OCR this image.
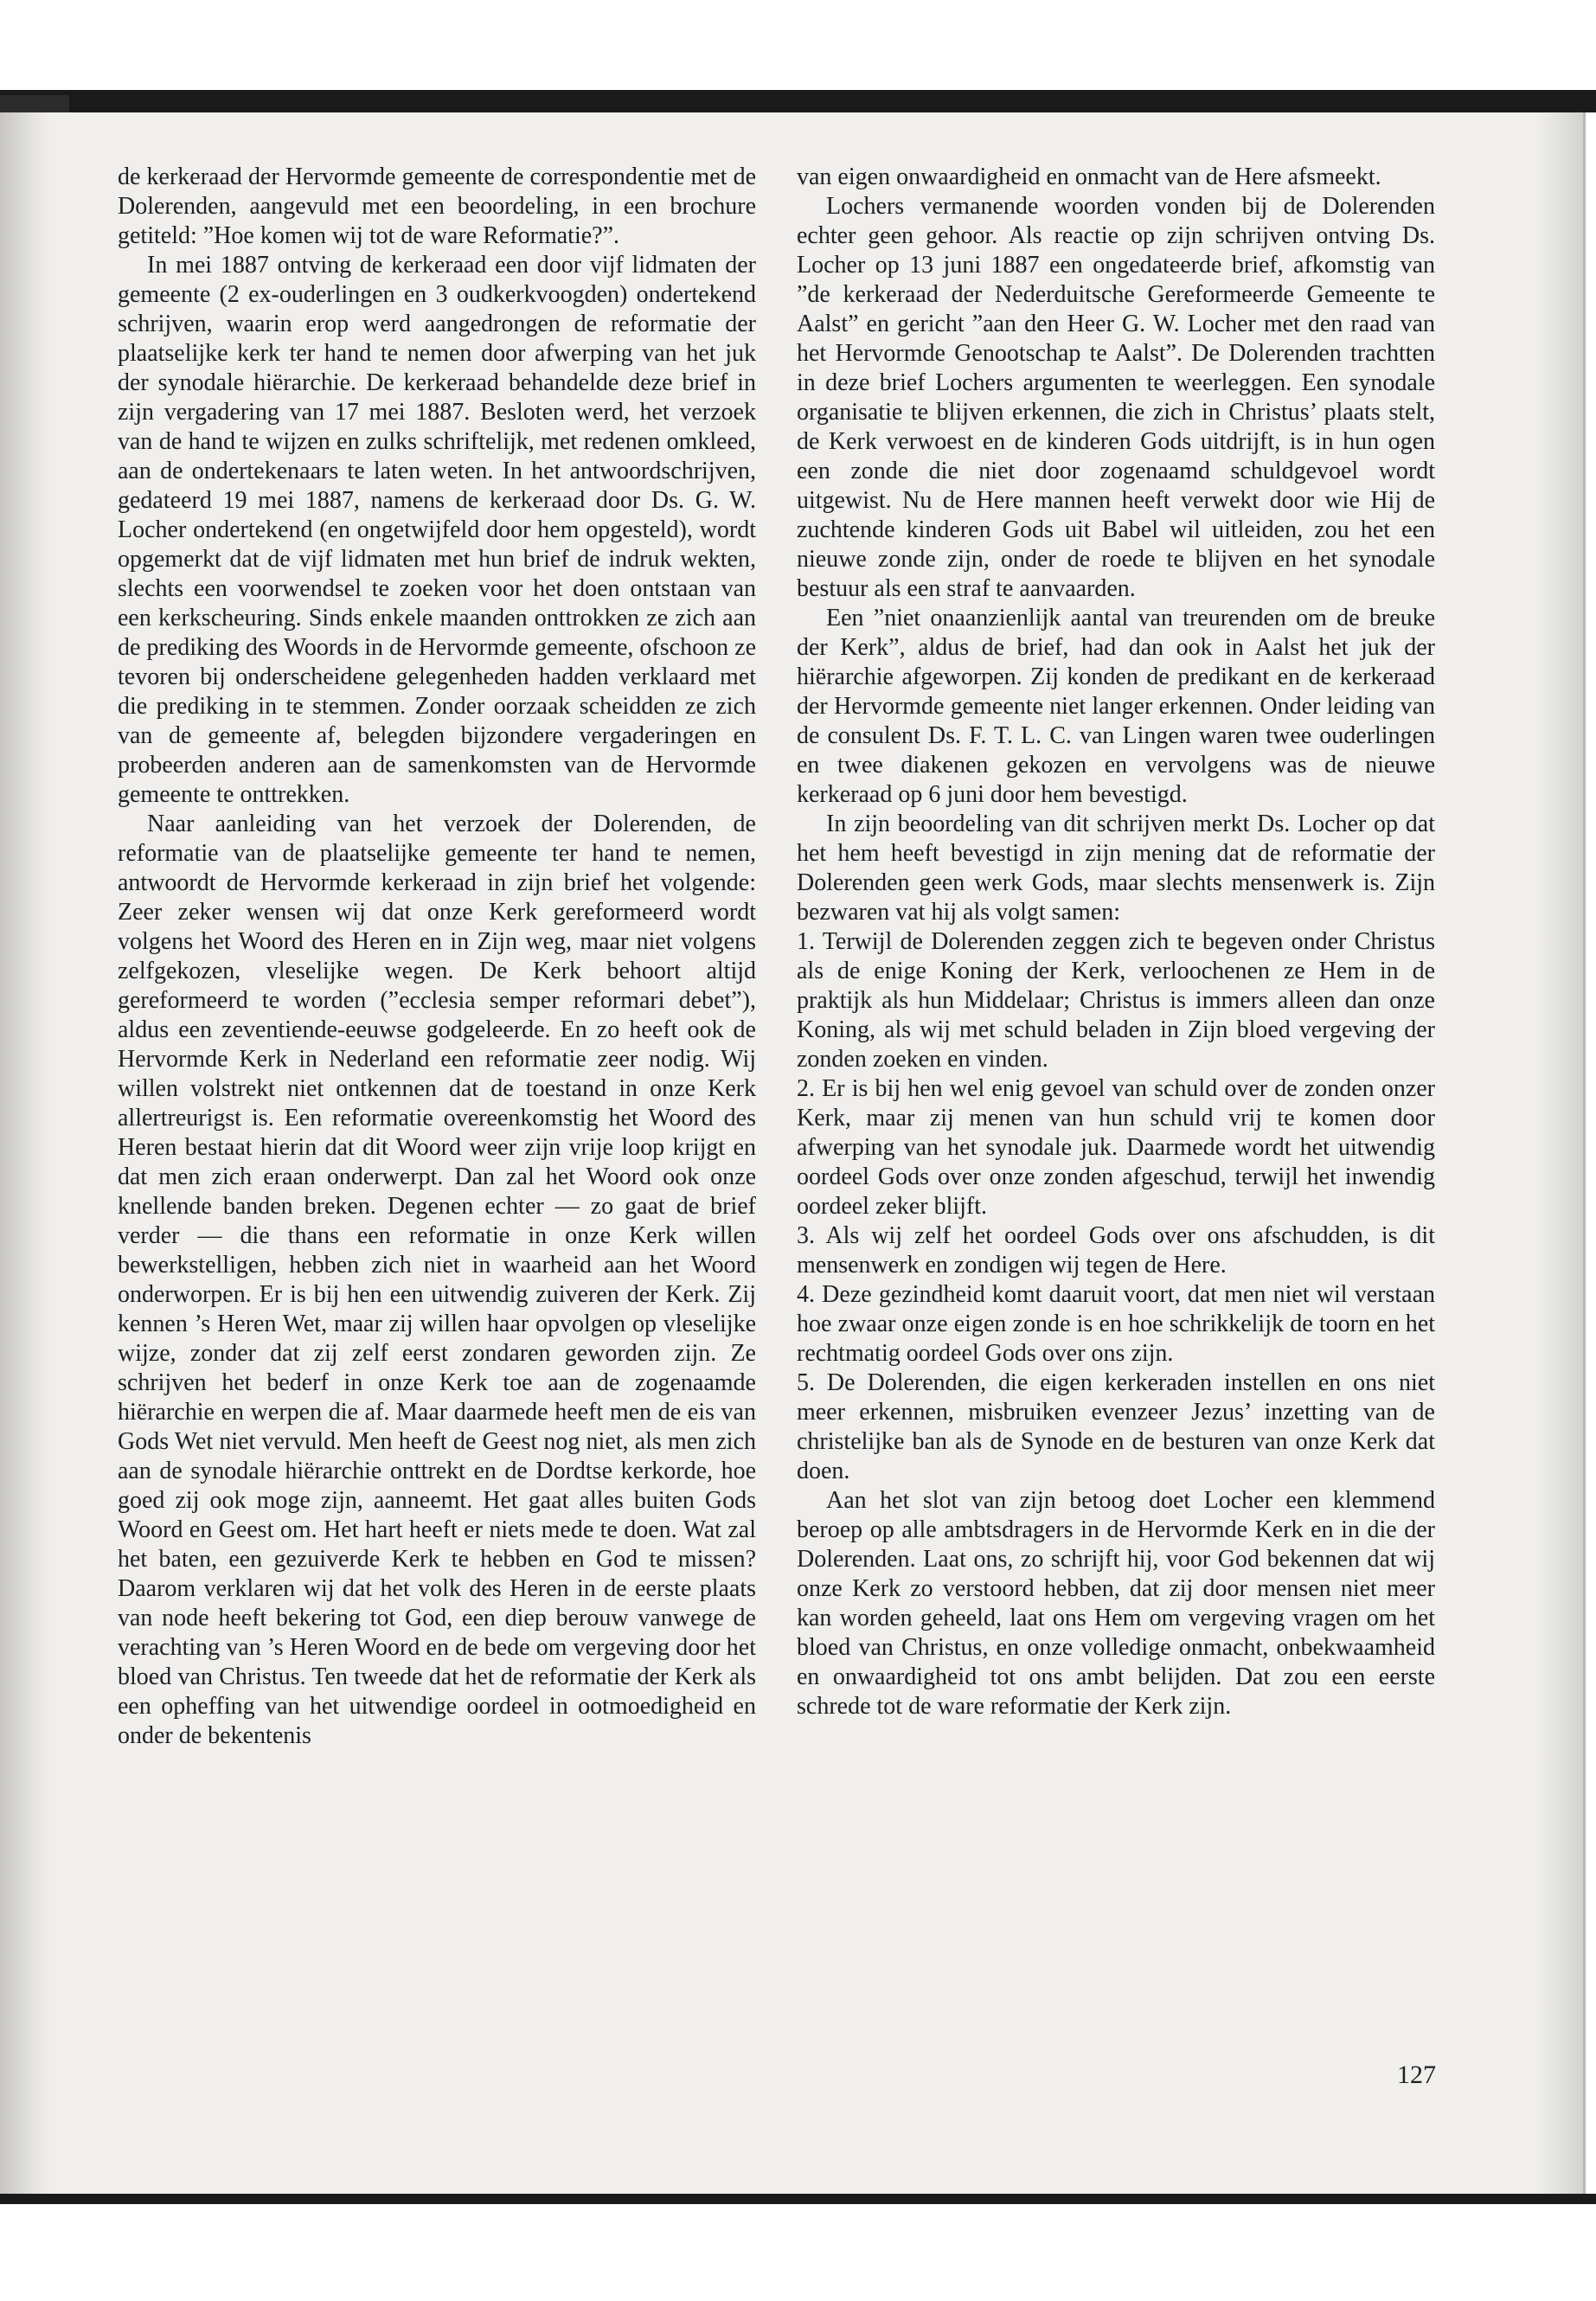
de kerkeraad der Hervormde gemeente de correspondentie met de Dolerenden, aangevuld met een beoordeling, in een brochure getiteld: ”Hoe komen wij tot de ware Reformatie?”.

In mei 1887 ontving de kerkeraad een door vijf lidmaten der gemeente (2 ex-ouderlingen en 3 oudkerkvoogden) ondertekend schrijven, waarin erop werd aangedrongen de reformatie der plaatselijke kerk ter hand te nemen door afwerping van het juk der synodale hiërarchie. De kerkeraad behandelde deze brief in zijn vergadering van 17 mei 1887. Besloten werd, het verzoek van de hand te wijzen en zulks schriftelijk, met redenen omkleed, aan de ondertekenaars te laten weten. In het antwoordschrijven, gedateerd 19 mei 1887, namens de kerkeraad door Ds. G. W. Locher ondertekend (en ongetwijfeld door hem opgesteld), wordt opgemerkt dat de vijf lidmaten met hun brief de indruk wekten, slechts een voorwendsel te zoeken voor het doen ontstaan van een kerkscheuring. Sinds enkele maanden onttrokken ze zich aan de prediking des Woords in de Hervormde gemeente, ofschoon ze tevoren bij onderscheidene gelegenheden hadden verklaard met die prediking in te stemmen. Zonder oorzaak scheidden ze zich van de gemeente af, belegden bijzondere vergaderingen en probeerden anderen aan de samenkomsten van de Hervormde gemeente te onttrekken.

Naar aanleiding van het verzoek der Dolerenden, de reformatie van de plaatselijke gemeente ter hand te nemen, antwoordt de Hervormde kerkeraad in zijn brief het volgende: Zeer zeker wensen wij dat onze Kerk gereformeerd wordt volgens het Woord des Heren en in Zijn weg, maar niet volgens zelfgekozen, vleselijke wegen. De Kerk behoort altijd gereformeerd te worden (”ecclesia semper reformari debet”), aldus een zeventiende-eeuwse godgeleerde. En zo heeft ook de Hervormde Kerk in Nederland een reformatie zeer nodig. Wij willen volstrekt niet ontkennen dat de toestand in onze Kerk allertreurigst is. Een reformatie overeenkomstig het Woord des Heren bestaat hierin dat dit Woord weer zijn vrije loop krijgt en dat men zich eraan onderwerpt. Dan zal het Woord ook onze knellende banden breken. Degenen echter — zo gaat de brief verder — die thans een reformatie in onze Kerk willen bewerkstelligen, hebben zich niet in waarheid aan het Woord onderworpen. Er is bij hen een uitwendig zuiveren der Kerk. Zij kennen ’s Heren Wet, maar zij willen haar opvolgen op vleselijke wijze, zonder dat zij zelf eerst zondaren geworden zijn. Ze schrijven het bederf in onze Kerk toe aan de zogenaamde hiërarchie en werpen die af. Maar daarmede heeft men de eis van Gods Wet niet vervuld. Men heeft de Geest nog niet, als men zich aan de synodale hiërarchie onttrekt en de Dordtse kerkorde, hoe goed zij ook moge zijn, aanneemt. Het gaat alles buiten Gods Woord en Geest om. Het hart heeft er niets mede te doen. Wat zal het baten, een gezuiverde Kerk te hebben en God te missen? Daarom verklaren wij dat het volk des Heren in de eerste plaats van node heeft bekering tot God, een diep berouw vanwege de verachting van ’s Heren Woord en de bede om vergeving door het bloed van Christus. Ten tweede dat het de reformatie der Kerk als een opheffing van het uitwendige oordeel in ootmoedigheid en onder de bekentenis

van eigen onwaardigheid en onmacht van de Here afsmeekt.

Lochers vermanende woorden vonden bij de Dolerenden echter geen gehoor. Als reactie op zijn schrijven ontving Ds. Locher op 13 juni 1887 een ongedateerde brief, afkomstig van ”de kerkeraad der Nederduitsche Gereformeerde Gemeente te Aalst” en gericht ”aan den Heer G. W. Locher met den raad van het Hervormde Genootschap te Aalst”. De Dolerenden trachtten in deze brief Lochers argumenten te weerleggen. Een synodale organisatie te blijven erkennen, die zich in Christus’ plaats stelt, de Kerk verwoest en de kinderen Gods uitdrijft, is in hun ogen een zonde die niet door zogenaamd schuldgevoel wordt uitgewist. Nu de Here mannen heeft verwekt door wie Hij de zuchtende kinderen Gods uit Babel wil uitleiden, zou het een nieuwe zonde zijn, onder de roede te blijven en het synodale bestuur als een straf te aanvaarden.

Een ”niet onaanzienlijk aantal van treurenden om de breuke der Kerk”, aldus de brief, had dan ook in Aalst het juk der hiërarchie afgeworpen. Zij konden de predikant en de kerkeraad der Hervormde gemeente niet langer erkennen. Onder leiding van de consulent Ds. F. T. L. C. van Lingen waren twee ouderlingen en twee diakenen gekozen en vervolgens was de nieuwe kerkeraad op 6 juni door hem bevestigd.

In zijn beoordeling van dit schrijven merkt Ds. Locher op dat het hem heeft bevestigd in zijn mening dat de reformatie der Dolerenden geen werk Gods, maar slechts mensenwerk is. Zijn bezwaren vat hij als volgt samen:

1. Terwijl de Dolerenden zeggen zich te begeven onder Christus als de enige Koning der Kerk, verloochenen ze Hem in de praktijk als hun Middelaar; Christus is immers alleen dan onze Koning, als wij met schuld beladen in Zijn bloed vergeving der zonden zoeken en vinden.

2. Er is bij hen wel enig gevoel van schuld over de zonden onzer Kerk, maar zij menen van hun schuld vrij te komen door afwerping van het synodale juk. Daarmede wordt het uitwendig oordeel Gods over onze zonden afgeschud, terwijl het inwendig oordeel zeker blijft.

3. Als wij zelf het oordeel Gods over ons afschudden, is dit mensenwerk en zondigen wij tegen de Here.

4. Deze gezindheid komt daaruit voort, dat men niet wil verstaan hoe zwaar onze eigen zonde is en hoe schrikkelijk de toorn en het rechtmatig oordeel Gods over ons zijn.

5. De Dolerenden, die eigen kerkeraden instellen en ons niet meer erkennen, misbruiken evenzeer Jezus’ inzetting van de christelijke ban als de Synode en de besturen van onze Kerk dat doen.

Aan het slot van zijn betoog doet Locher een klemmend beroep op alle ambtsdragers in de Hervormde Kerk en in die der Dolerenden. Laat ons, zo schrijft hij, voor God bekennen dat wij onze Kerk zo verstoord hebben, dat zij door mensen niet meer kan worden geheeld, laat ons Hem om vergeving vragen om het bloed van Christus, en onze volledige onmacht, onbekwaamheid en onwaardigheid tot ons ambt belijden. Dat zou een eerste schrede tot de ware reformatie der Kerk zijn.

127
